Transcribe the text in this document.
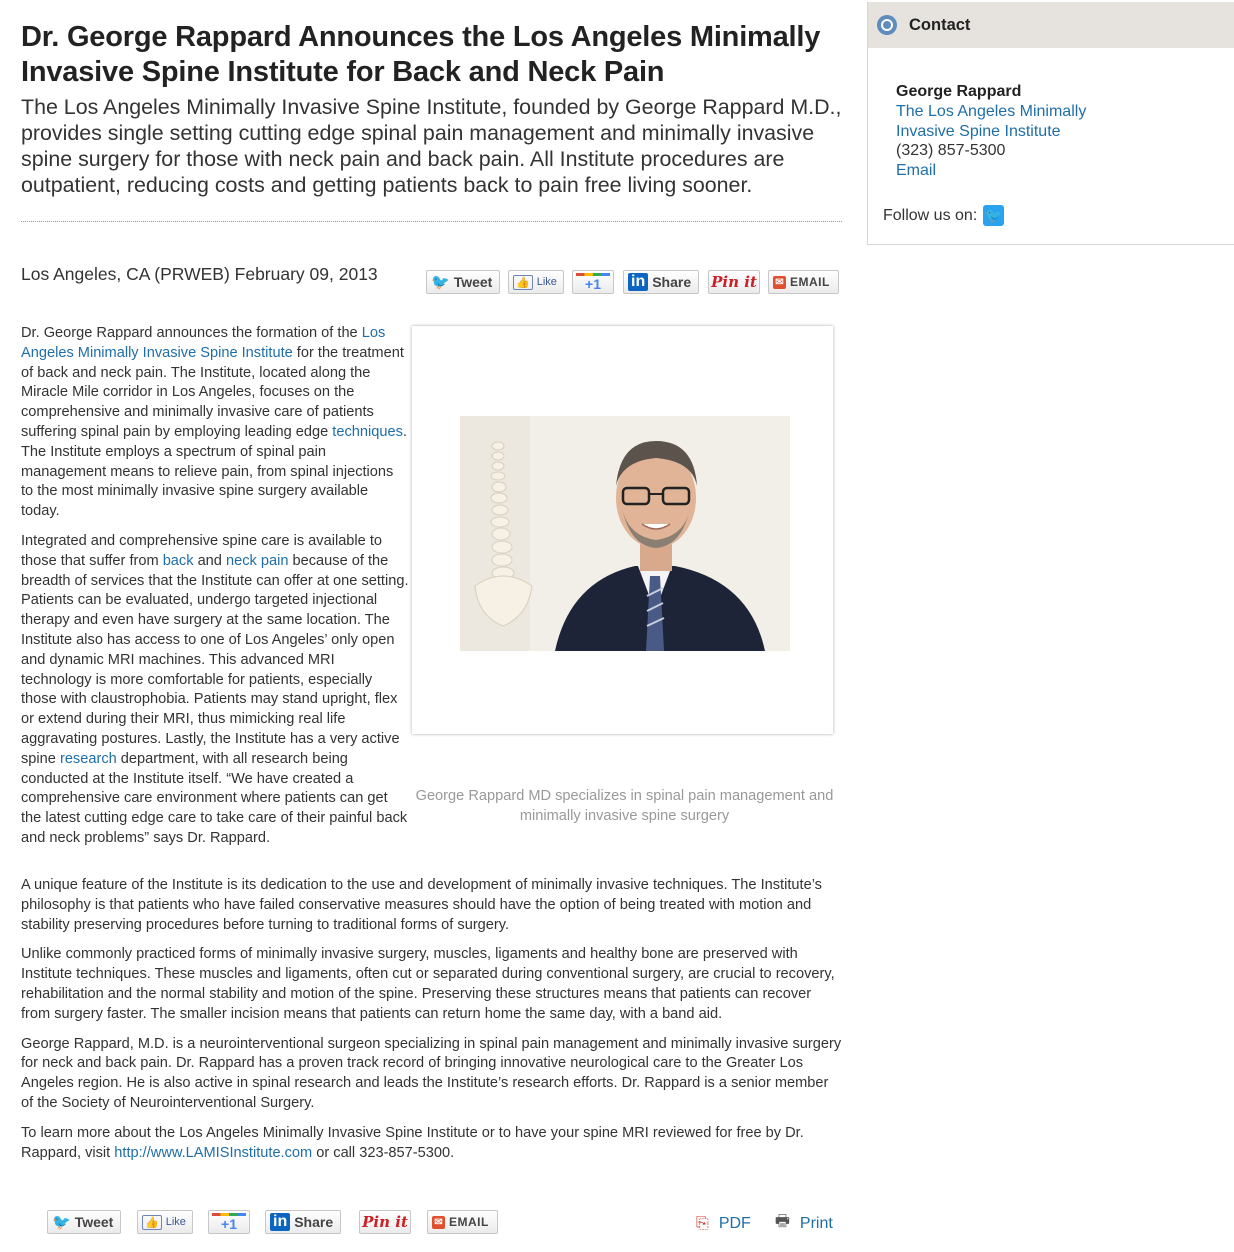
Dr. George Rappard Announces the Los Angeles Minimally Invasive Spine Institute for Back and Neck Pain

The Los Angeles Minimally Invasive Spine Institute, founded by George Rappard M.D., provides single setting cutting edge spinal pain management and minimally invasive spine surgery for those with neck pain and back pain. All Institute procedures are outpatient, reducing costs and getting patients back to pain free living sooner.

Los Angeles, CA (PRWEB) February 09, 2013	🐦 Tweet 👍 Like +1 in Share Pin it ✉ EMAIL

Dr. George Rappard announces the formation of the Los Angeles Minimally Invasive Spine Institute for the treatment of back and neck pain. The Institute, located along the Miracle Mile corridor in Los Angeles, focuses on the comprehensive and minimally invasive care of patients suffering spinal pain by employing leading edge techniques. The Institute employs a spectrum of spinal pain management means to relieve pain, from spinal injections to the most minimally invasive spine surgery available today.

Integrated and comprehensive spine care is available to those that suffer from back and neck pain because of the breadth of services that the Institute can offer at one setting. Patients can be evaluated, undergo targeted injectional therapy and even have surgery at the same location. The Institute also has access to one of Los Angeles’ only open and dynamic MRI machines. This advanced MRI technology is more comfortable for patients, especially those with claustrophobia. Patients may stand upright, flex or extend during their MRI, thus mimicking real life aggravating postures. Lastly, the Institute has a very active spine research department, with all research being conducted at the Institute itself. “We have created a comprehensive care environment where patients can get the latest cutting edge care to take care of their painful back and neck problems” says Dr. Rappard.

George Rappard MD specializes in spinal pain management and minimally invasive spine surgery

A unique feature of the Institute is its dedication to the use and development of minimally invasive techniques. The Institute’s philosophy is that patients who have failed conservative measures should have the option of being treated with motion and stability preserving procedures before turning to traditional forms of surgery.

Unlike commonly practiced forms of minimally invasive surgery, muscles, ligaments and healthy bone are preserved with Institute techniques. These muscles and ligaments, often cut or separated during conventional surgery, are crucial to recovery, rehabilitation and the normal stability and motion of the spine. Preserving these structures means that patients can recover from surgery faster. The smaller incision means that patients can return home the same day, with a band aid.

George Rappard, M.D. is a neurointerventional surgeon specializing in spinal pain management and minimally invasive surgery for neck and back pain. Dr. Rappard has a proven track record of bringing innovative neurological care to the Greater Los Angeles region. He is also active in spinal research and leads the Institute’s research efforts. Dr. Rappard is a senior member of the Society of Neurointerventional Surgery.

To learn more about the Los Angeles Minimally Invasive Spine Institute or to have your spine MRI reviewed for free by Dr. Rappard, visit http://www.LAMISInstitute.com or call 323-857-5300.

🐦 Tweet	👍 Like	+1 in Share Pin it	✉ EMAIL	⎘ PDF 🖶 Print
Contact
George Rappard
The Los Angeles Minimally
Invasive Spine Institute
(323) 857-5300
Email
Follow us on: 🐦
